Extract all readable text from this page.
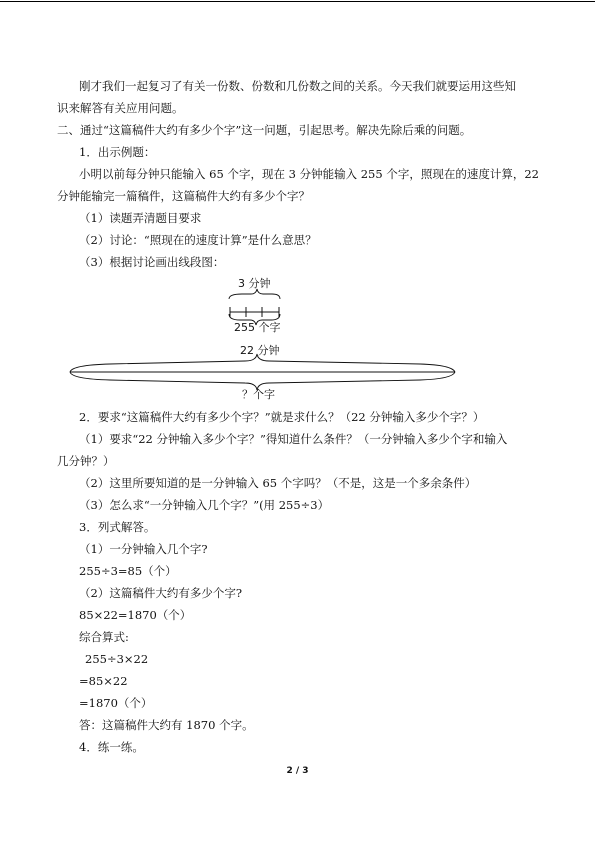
刚才我们一起复习了有关一份数、份数和几份数之间的关系。今天我们就要运用这些知
识来解答有关应用问题。
二、通过“这篇稿件大约有多少个字”这一问题，引起思考。解决先除后乘的问题。
1．出示例题：
小明以前每分钟只能输入 65 个字，现在 3 分钟能输入 255 个字，照现在的速度计算，22
分钟能输完一篇稿件，这篇稿件大约有多少个字？
（1）读题弄清题目要求
（2）讨论：“照现在的速度计算”是什么意思？
（3）根据讨论画出线段图：
3 分钟
255 个字
22 分钟
？个字
2．要求“这篇稿件大约有多少个字？”就是求什么？（22 分钟输入多少个字？）
（1）要求“22 分钟输入多少个字？”得知道什么条件？（一分钟输入多少个字和输入
几分钟？）
（2）这里所要知道的是一分钟输入 65 个字吗？（不是，这是一个多余条件）
（3）怎么求“一分钟输入几个字？”(用 255÷3）
3．列式解答。
（1）一分钟输入几个字?
255÷3=85（个）
（2）这篇稿件大约有多少个字?
85×22=1870（个）
综合算式:
255÷3×22
=85×22
=1870（个）
答：这篇稿件大约有 1870 个字。
4．练一练。
2 / 3
